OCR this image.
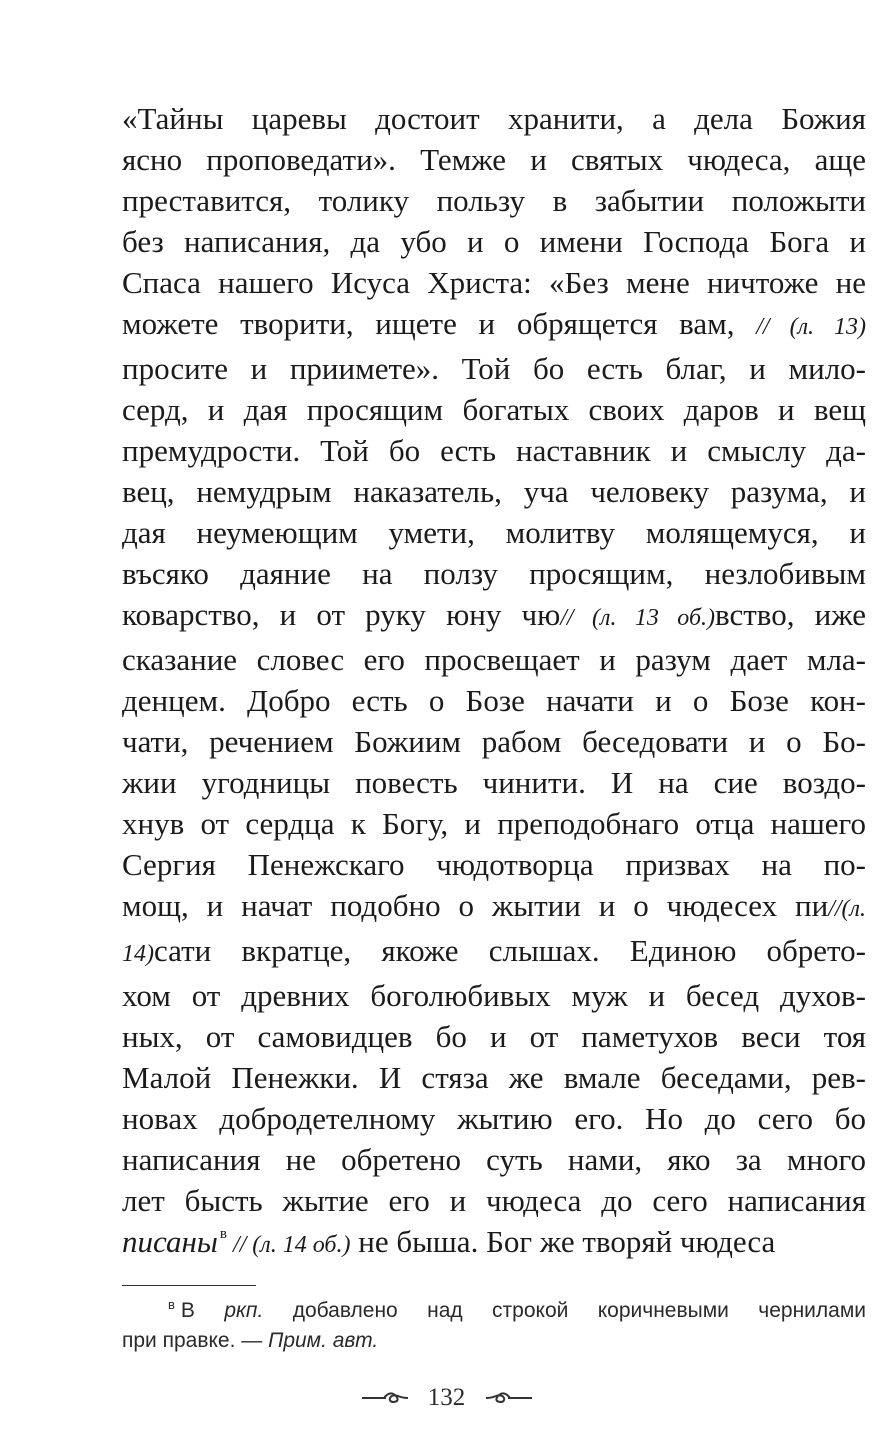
«Тайны царевы достоит хранити, а дела Божия
ясно проповедати». Темже и святых чюдеса, аще
преставится, толику пользу в забытии положыти
без написания, да убо и о имени Господа Бога и
Спаса нашего Исуса Христа: «Без мене ничтоже не
можете творити, ищете и обрящется вам, // (л. 13)
просите и приимете». Той бо есть благ, и мило-
серд, и дая просящим богатых своих даров и вещ
премудрости. Той бо есть наставник и смыслу да-
вец, немудрым наказатель, уча человеку разума, и
дая неумеющим умети, молитву молящемуся, и
въсяко даяние на ползу просящим, незлобивым
коварство, и от руку юну чю// (л. 13 об.)вство, иже
сказание словес его просвещает и разум дает мла-
денцем. Добро есть о Бозе начати и о Бозе кон-
чати, речением Божиим рабом беседовати и о Бо-
жии угодницы повесть чинити. И на сие воздо-
хнув от сердца к Богу, и преподобнаго отца нашего
Сергия Пенежскаго чюдотворца призвах на по-
мощ, и начат подобно о жытии и о чюдесех пи//(л.
14)сати вкратце, якоже слышах. Единою обрето-
хом от древних боголюбивых муж и бесед духов-
ных, от самовидцев бо и от паметухов веси тоя
Малой Пенежки. И стяза же вмале беседами, рев-
новах добродетелному жытию его. Но до сего бо
написания не обретено суть нами, яко за много
лет бысть жытие его и чюдеса до сего написания
писаны $^в$ // (л. 14 об.) не быша. Бог же творяй чюдеса
$^в$ В ркп. добавлено над строкой коричневыми чернилами
при правке. — Прим. авт.
132
